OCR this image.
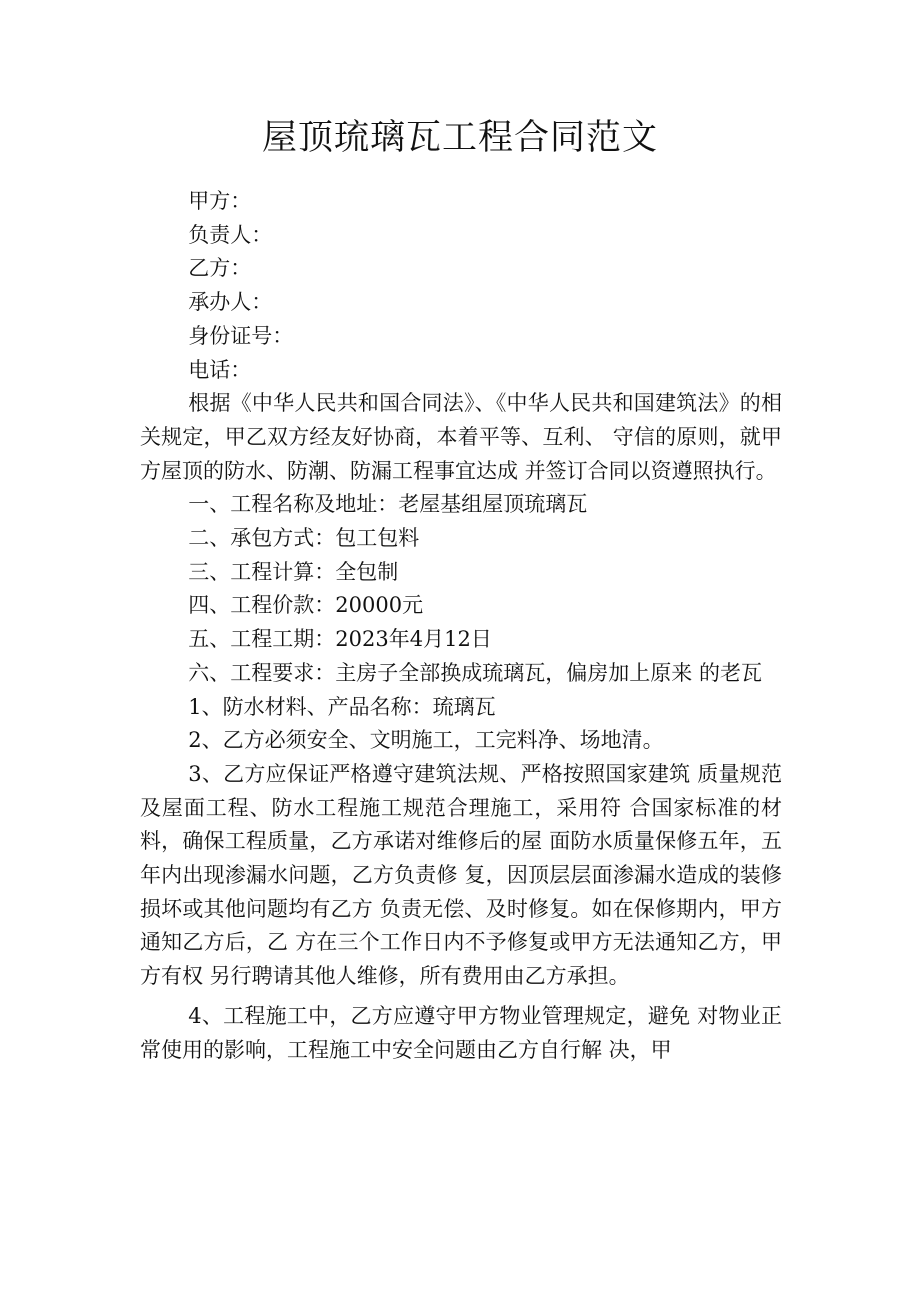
屋顶琉璃瓦工程合同范文

甲方：

负责人：

乙方：

承办人：

身份证号：

电话：

根据《中华人民共和国合同法》、《中华人民共和国建筑法》的相关规定，甲乙双方经友好协商，本着平等、互利、 守信的原则，就甲方屋顶的防水、防潮、防漏工程事宜达成 并签订合同以资遵照执行。

一、工程名称及地址：老屋基组屋顶琉璃瓦

二、承包方式：包工包料

三、工程计算：全包制

四、工程价款：20000元

五、工程工期：2023年4月12日

六、工程要求：主房子全部换成琉璃瓦，偏房加上原来 的老瓦

1、防水材料、产品名称：琉璃瓦

2、乙方必须安全、文明施工，工完料净、场地清。

3、乙方应保证严格遵守建筑法规、严格按照国家建筑 质量规范及屋面工程、防水工程施工规范合理施工，采用符 合国家标准的材料，确保工程质量，乙方承诺对维修后的屋 面防水质量保修五年，五年内出现渗漏水问题，乙方负责修 复，因顶层层面渗漏水造成的装修损坏或其他问题均有乙方 负责无偿、及时修复。如在保修期内，甲方通知乙方后，乙 方在三个工作日内不予修复或甲方无法通知乙方，甲方有权 另行聘请其他人维修，所有费用由乙方承担。

4、工程施工中，乙方应遵守甲方物业管理规定，避免 对物业正常使用的影响，工程施工中安全问题由乙方自行解 决，甲
